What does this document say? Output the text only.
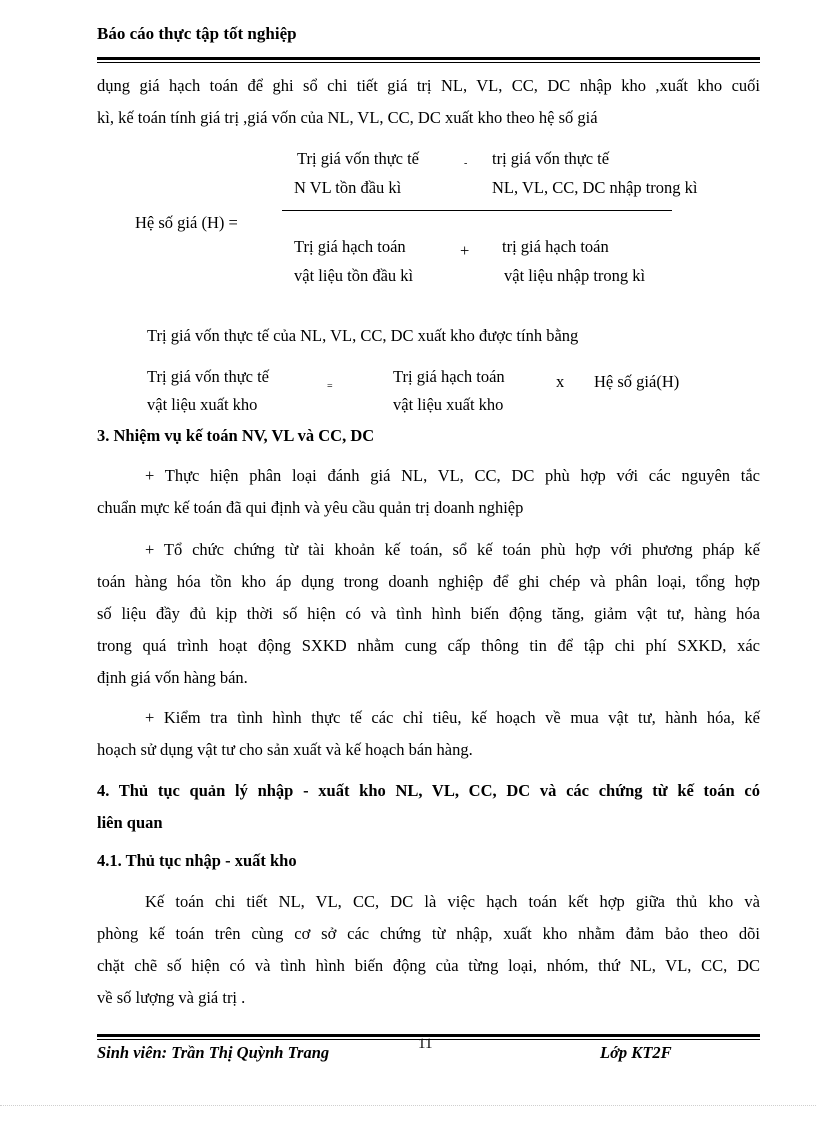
Báo cáo thực tập tốt nghiệp
dụng giá hạch toán để ghi sổ chi tiết giá trị NL, VL, CC, DC nhập kho ,xuất kho cuối
kì, kế toán tính giá trị ,giá vốn của NL, VL, CC, DC xuất kho theo hệ số giá
Trị giá vốn thực tế
N VL tồn đầu kì
- trị giá vốn thực tế
NL, VL, CC, DC nhập trong kì
Hệ số giá (H) =
Trị giá hạch toán
vật liệu tồn đầu kì
+ trị giá hạch toán
vật liệu nhập trong kì
Trị giá vốn thực tế của NL, VL, CC, DC xuất kho được tính bằng
Trị giá vốn thực tế
vật liệu xuất kho
=
Trị giá hạch toán
vật liệu xuất kho
x Hệ số giá(H)
3. Nhiệm vụ kế toán NV, VL và CC, DC
+ Thực hiện phân loại đánh giá NL, VL, CC, DC phù hợp với các nguyên tắc
chuẩn mực kế toán đã qui định và yêu cầu quản trị doanh nghiệp
+ Tổ chức chứng từ tài khoản kế toán, sổ kế toán phù hợp với phương pháp kế
toán hàng hóa tồn kho áp dụng trong doanh nghiệp để ghi chép và phân loại, tổng hợp
số liệu đầy đủ kịp thời số hiện có và tình hình biến động tăng, giảm vật tư, hàng hóa
trong quá trình hoạt động SXKD nhằm cung cấp thông tin để tập chi phí SXKD, xác
định giá vốn hàng bán.
+ Kiểm tra tình hình thực tế các chỉ tiêu, kế hoạch về mua vật tư, hành hóa, kế
hoạch sử dụng vật tư cho sản xuất và kế hoạch bán hàng.
4. Thủ tục quản lý nhập - xuất kho NL, VL, CC, DC và các chứng từ kế toán có
liên quan
4.1. Thủ tục nhập - xuất kho
Kế toán chi tiết NL, VL, CC, DC là việc hạch toán kết hợp giữa thủ kho và
phòng kế toán trên cùng cơ sở các chứng từ nhập, xuất kho nhằm đảm bảo theo dõi
chặt chẽ số hiện có và tình hình biến động của từng loại, nhóm, thứ NL, VL, CC, DC
về số lượng và giá trị .
Sinh viên: Trần Thị Quỳnh Trang	11	Lớp KT2F
